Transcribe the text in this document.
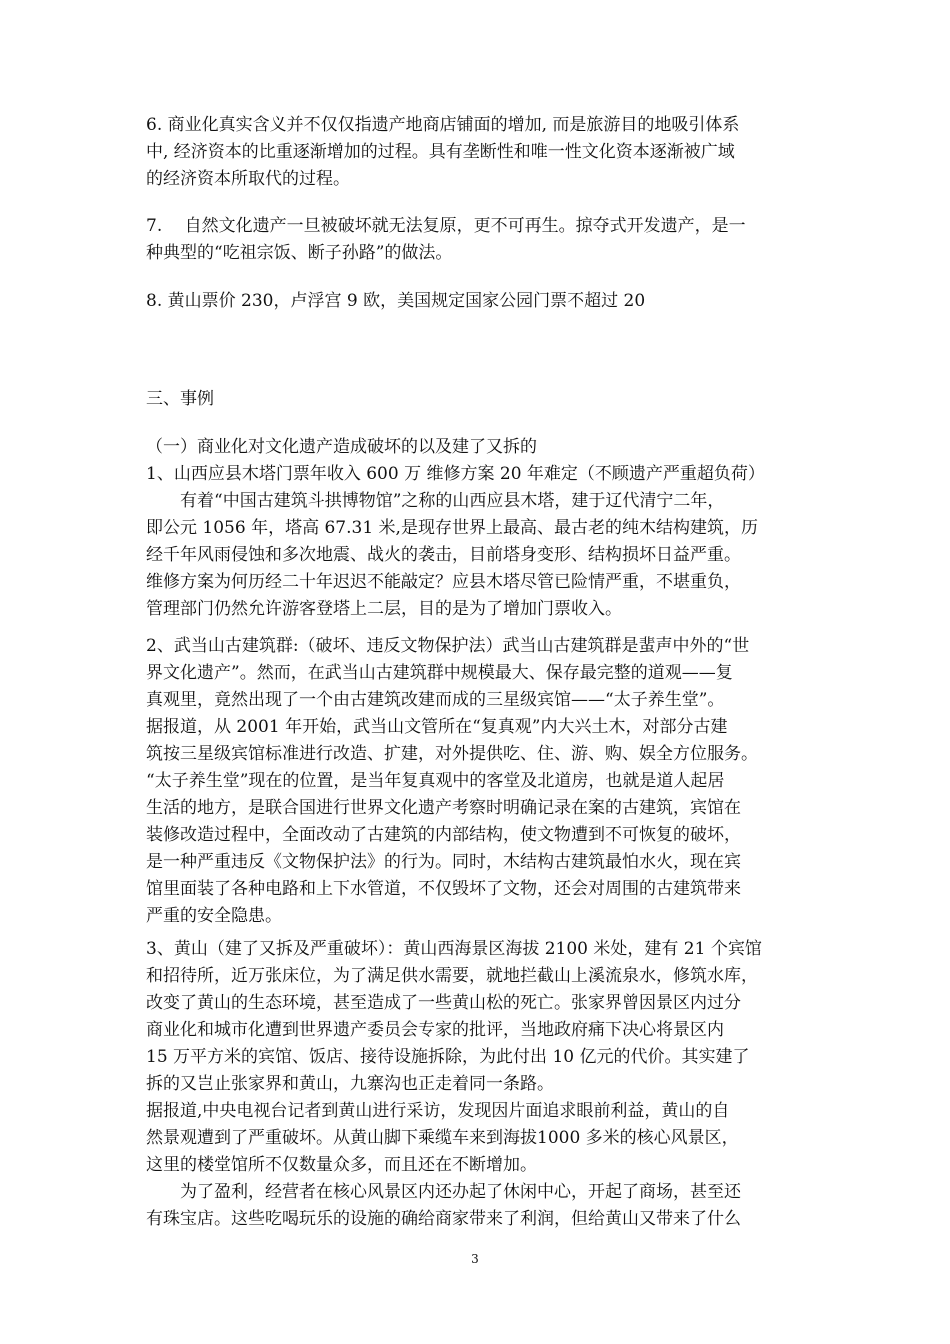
6. 商业化真实含义并不仅仅指遗产地商店铺面的增加, 而是旅游目的地吸引体系
中, 经济资本的比重逐渐增加的过程。具有垄断性和唯一性文化资本逐渐被广域
的经济资本所取代的过程。
7.　 自然文化遗产一旦被破坏就无法复原，更不可再生。掠夺式开发遗产，是一
种典型的“吃祖宗饭、断子孙路”的做法。
8. 黄山票价 230，卢浮宫 9 欧，美国规定国家公园门票不超过 20
三、事例
（一）商业化对文化遗产造成破坏的以及建了又拆的
1、山西应县木塔门票年收入 600 万 维修方案 20 年难定（不顾遗产严重超负荷）
　　有着“中国古建筑斗拱博物馆”之称的山西应县木塔，建于辽代清宁二年，
即公元 1056 年，塔高 67.31 米,是现存世界上最高、最古老的纯木结构建筑，历
经千年风雨侵蚀和多次地震、战火的袭击，目前塔身变形、结构损坏日益严重。
维修方案为何历经二十年迟迟不能敲定？应县木塔尽管已险情严重，不堪重负，
管理部门仍然允许游客登塔上二层，目的是为了增加门票收入。
2、武当山古建筑群:（破坏、违反文物保护法）武当山古建筑群是蜚声中外的“世
界文化遗产”。然而，在武当山古建筑群中规模最大、保存最完整的道观——复
真观里，竟然出现了一个由古建筑改建而成的三星级宾馆——“太子养生堂”。
据报道，从 2001 年开始，武当山文管所在“复真观”内大兴土木，对部分古建
筑按三星级宾馆标准进行改造、扩建，对外提供吃、住、游、购、娱全方位服务。
“太子养生堂”现在的位置，是当年复真观中的客堂及北道房，也就是道人起居
生活的地方，是联合国进行世界文化遗产考察时明确记录在案的古建筑，宾馆在
装修改造过程中，全面改动了古建筑的内部结构，使文物遭到不可恢复的破坏，
是一种严重违反《文物保护法》的行为。同时，木结构古建筑最怕水火，现在宾
馆里面装了各种电路和上下水管道，不仅毁坏了文物，还会对周围的古建筑带来
严重的安全隐患。
3、黄山（建了又拆及严重破坏）：黄山西海景区海拔 2100 米处，建有 21 个宾馆
和招待所，近万张床位，为了满足供水需要，就地拦截山上溪流泉水，修筑水库，
改变了黄山的生态环境，甚至造成了一些黄山松的死亡。张家界曾因景区内过分
商业化和城市化遭到世界遗产委员会专家的批评，当地政府痛下决心将景区内
15 万平方米的宾馆、饭店、接待设施拆除，为此付出 10 亿元的代价。其实建了
拆的又岂止张家界和黄山，九寨沟也正走着同一条路。
据报道,中央电视台记者到黄山进行采访，发现因片面追求眼前利益，黄山的自
然景观遭到了严重破坏。从黄山脚下乘缆车来到海拔1000 多米的核心风景区，
这里的楼堂馆所不仅数量众多，而且还在不断增加。
　　为了盈利，经营者在核心风景区内还办起了休闲中心，开起了商场，甚至还
有珠宝店。这些吃喝玩乐的设施的确给商家带来了利润，但给黄山又带来了什么
3
